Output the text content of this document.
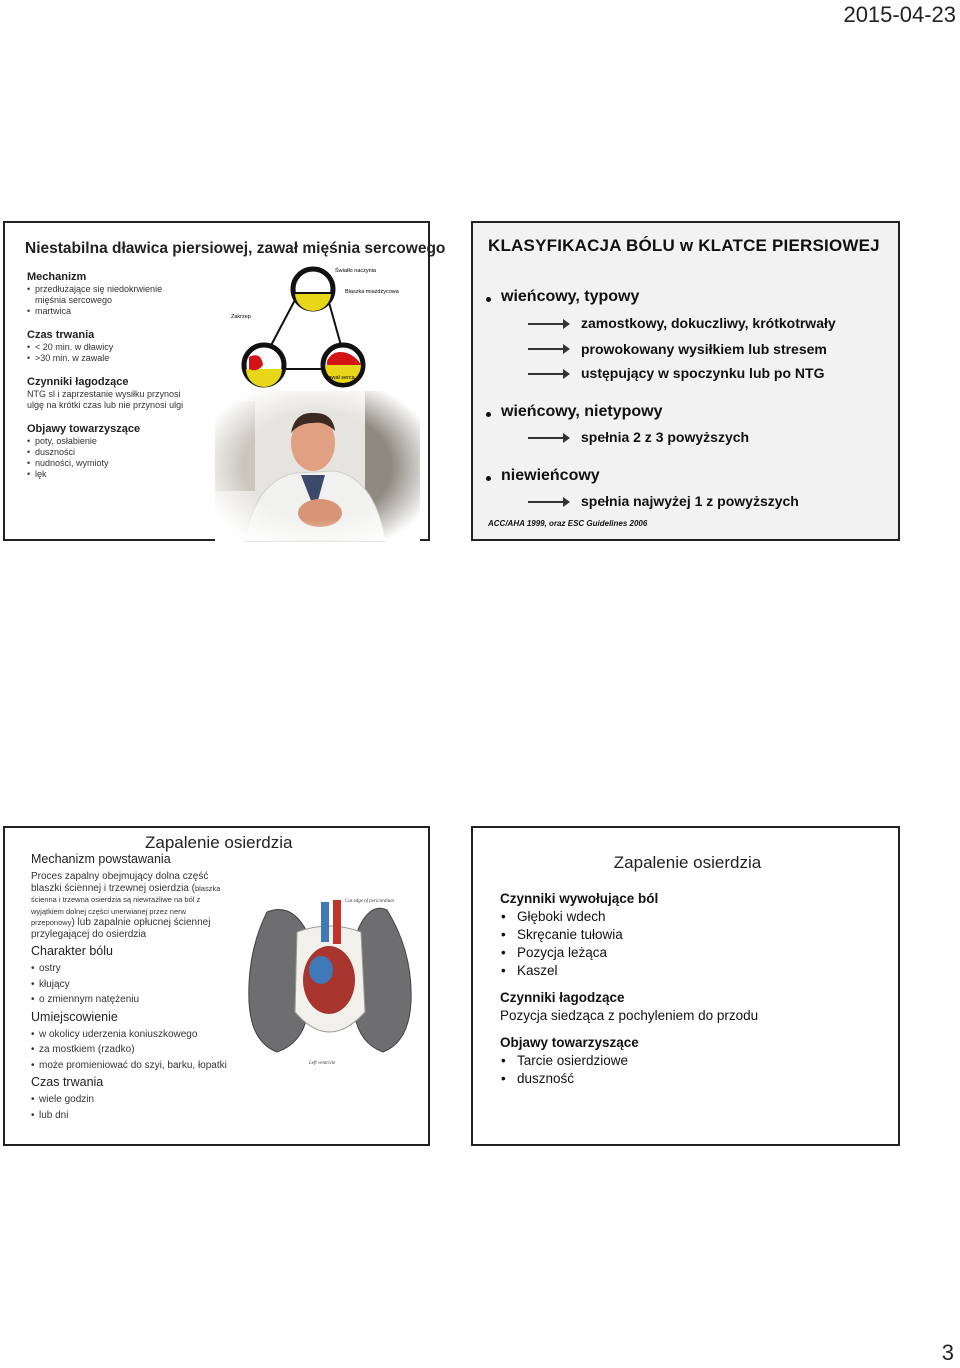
2015-04-23
Niestabilna dławica piersiowej, zawał mięśnia sercowego
Mechanizm
• przedłużające się niedokrwienie mięśnia sercowego
• martwica
Czas trwania
• < 20 min. w dławicy
• >30 min. w zawale
Czynniki łagodzące
NTG sl i zaprzestanie wysiłku przynosi ulgę na krótki czas lub nie przynosi ulgi
Objawy towarzyszące
• poty, osłabienie
• duszności
• nudności, wymioty
• lęk
Światło naczynia
Blaszka miażdżycowa
Zakrzep
Zawał serca
KLASYFIKACJA BÓLU w KLATCE PIERSIOWEJ
wieńcowy, typowy
zamostkowy, dokuczliwy, krótkotrwały
prowokowany wysiłkiem lub stresem
ustępujący w spoczynku lub po NTG
wieńcowy, nietypowy
spełnia 2 z 3 powyższych
niewieńcowy
spełnia najwyżej 1 z powyższych
ACC/AHA 1999, oraz ESC Guidelines 2006
Zapalenie osierdzia
Mechanizm powstawania

Proces zapalny obejmujący dolna część blaszki ściennej i trzewnej osierdzia (blaszka ścienna i trzewna osierdzia są niewrażliwe na ból z wyjątkiem dolnej części unerwianej przez nerw przeponowy) lub zapalnie opłucnej ściennej przylegającej do osierdzia

Charakter bólu
• ostry
• kłujący
• o zmiennym natężeniu
Umiejscowienie
• w okolicy uderzenia koniuszkowego
• za mostkiem (rzadko)
• może promieniować do szyi, barku, łopatki
Czas trwania
• wiele godzin
• lub dni
Cut edge of pericardium
Left ventricle
Zapalenie osierdzia
Czynniki wywołujące ból
• Głęboki wdech
• Skręcanie tułowia
• Pozycja leżąca
• Kaszel
Czynniki łagodzące
Pozycja siedząca z pochyleniem do przodu
Objawy towarzyszące
• Tarcie osierdziowe
• duszność
3
